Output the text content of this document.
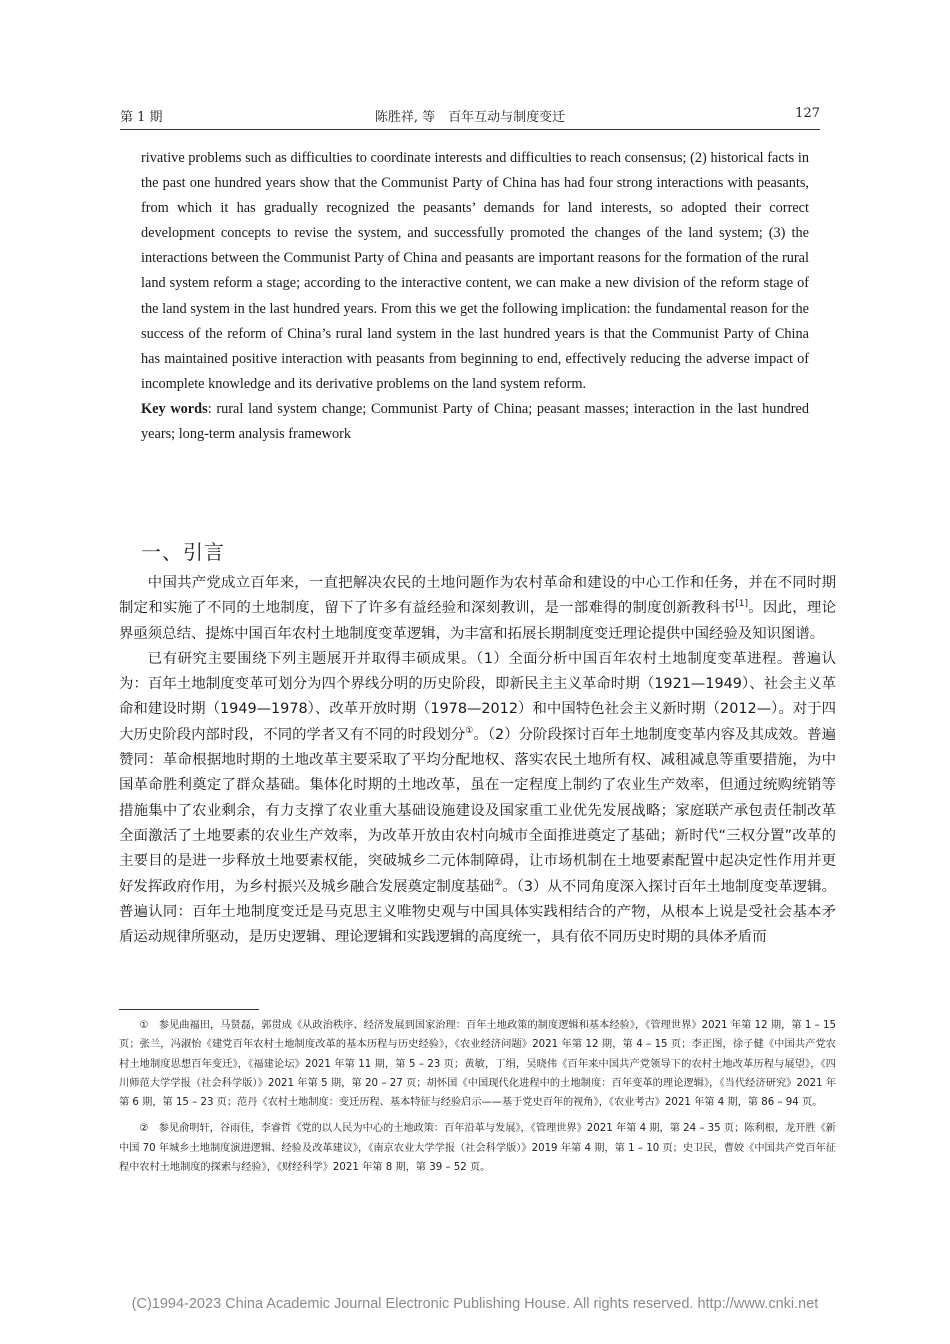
第 1 期	陈胜祥, 等　百年互动与制度变迁	127

rivative problems such as difficulties to coordinate interests and difficulties to reach consensus; (2) historical facts in the past one hundred years show that the Communist Party of China has had four strong interactions with peasants, from which it has gradually recognized the peasants’ demands for land interests, so adopted their correct development concepts to revise the system, and successfully promoted the changes of the land system; (3) the interactions between the Communist Party of China and peasants are important reasons for the formation of the rural land system reform a stage; according to the interactive content, we can make a new division of the reform stage of the land system in the last hundred years. From this we get the following implication: the fundamental reason for the success of the reform of China’s rural land system in the last hundred years is that the Communist Party of China has maintained positive interaction with peasants from beginning to end, effectively reducing the adverse impact of incomplete knowledge and its derivative problems on the land system reform.

Key words: rural land system change; Communist Party of China; peasant masses; interaction in the last hundred years; long-term analysis framework

一、引言

中国共产党成立百年来，一直把解决农民的土地问题作为农村革命和建设的中心工作和任务，并在不同时期制定和实施了不同的土地制度，留下了许多有益经验和深刻教训，是一部难得的制度创新教科书[1]。因此，理论界亟须总结、提炼中国百年农村土地制度变革逻辑，为丰富和拓展长期制度变迁理论提供中国经验及知识图谱。

已有研究主要围绕下列主题展开并取得丰硕成果。（1）全面分析中国百年农村土地制度变革进程。普遍认为：百年土地制度变革可划分为四个界线分明的历史阶段，即新民主主义革命时期（1921—1949）、社会主义革命和建设时期（1949—1978）、改革开放时期（1978—2012）和中国特色社会主义新时期（2012—）。对于四大历史阶段内部时段，不同的学者又有不同的时段划分①。（2）分阶段探讨百年土地制度变革内容及其成效。普遍赞同：革命根据地时期的土地改革主要采取了平均分配地权、落实农民土地所有权、减租减息等重要措施，为中国革命胜利奠定了群众基础。集体化时期的土地改革，虽在一定程度上制约了农业生产效率，但通过统购统销等措施集中了农业剩余，有力支撑了农业重大基础设施建设及国家重工业优先发展战略；家庭联产承包责任制改革全面激活了土地要素的农业生产效率，为改革开放由农村向城市全面推进奠定了基础；新时代“三权分置”改革的主要目的是进一步释放土地要素权能，突破城乡二元体制障碍，让市场机制在土地要素配置中起决定性作用并更好发挥政府作用，为乡村振兴及城乡融合发展奠定制度基础②。（3）从不同角度深入探讨百年土地制度变革逻辑。普遍认同：百年土地制度变迁是马克思主义唯物史观与中国具体实践相结合的产物，从根本上说是受社会基本矛盾运动规律所驱动，是历史逻辑、理论逻辑和实践逻辑的高度统一，具有依不同历史时期的具体矛盾而

①　参见曲福田，马贤磊，郭贯成《从政治秩序、经济发展到国家治理：百年土地政策的制度逻辑和基本经验》，《管理世界》2021 年第 12 期，第 1 – 15 页；张兰，冯淑怡《建党百年农村土地制度改革的基本历程与历史经验》，《农业经济问题》2021 年第 12 期，第 4 – 15 页；李正图，徐子健《中国共产党农村土地制度思想百年变迁》，《福建论坛》2021 年第 11 期，第 5 – 23 页；黄敏，丁绢，吴晓伟《百年来中国共产党领导下的农村土地改革历程与展望》，《四川师范大学学报（社会科学版）》2021 年第 5 期，第 20 – 27 页；胡怀国《中国现代化进程中的土地制度：百年变革的理论逻辑》，《当代经济研究》2021 年第 6 期，第 15 – 23 页；范丹《农村土地制度：变迁历程、基本特征与经验启示——基于党史百年的视角》，《农业考古》2021 年第 4 期，第 86 – 94 页。

②　参见俞明轩，谷雨佳，李睿哲《党的以人民为中心的土地政策：百年沿革与发展》，《管理世界》2021 年第 4 期，第 24 – 35 页；陈利根，龙开胜《新中国 70 年城乡土地制度演进逻辑、经验及改革建议》，《南京农业大学学报（社会科学版）》2019 年第 4 期，第 1 – 10 页；史卫民，曹姣《中国共产党百年征程中农村土地制度的探索与经验》，《财经科学》2021 年第 8 期，第 39 – 52 页。

(C)1994-2023 China Academic Journal Electronic Publishing House. All rights reserved. http://www.cnki.net
